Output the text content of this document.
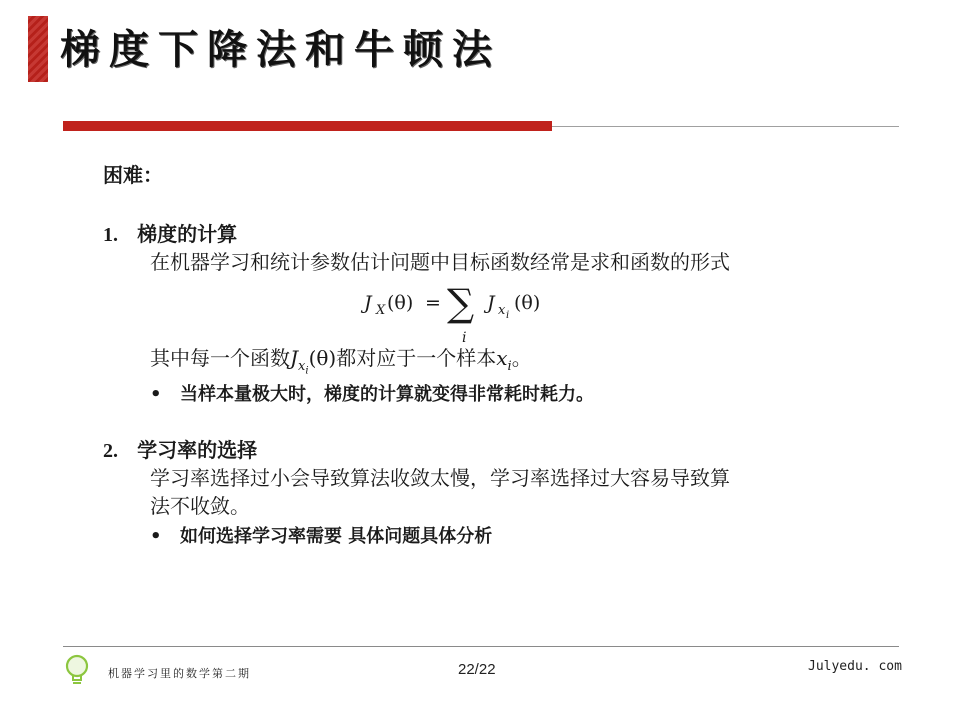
梯度下降法和牛顿法

困难：

1. 梯度的计算

在机器学习和统计参数估计问题中目标函数经常是求和函数的形式

J X (θ) = ∑
i
J x i
(θ)

其中每一个函数$J_{x_i}(\theta)$都对应于一个样本$x_i$。

• 当样本量极大时，梯度的计算就变得非常耗时耗力。

2. 学习率的选择

学习率选择过小会导致算法收敛太慢，学习率选择过大容易导致算

法不收敛。

• 如何选择学习率需要 具体问题具体分析

机器学习里的数学第二期	22/22	Julyedu. com
